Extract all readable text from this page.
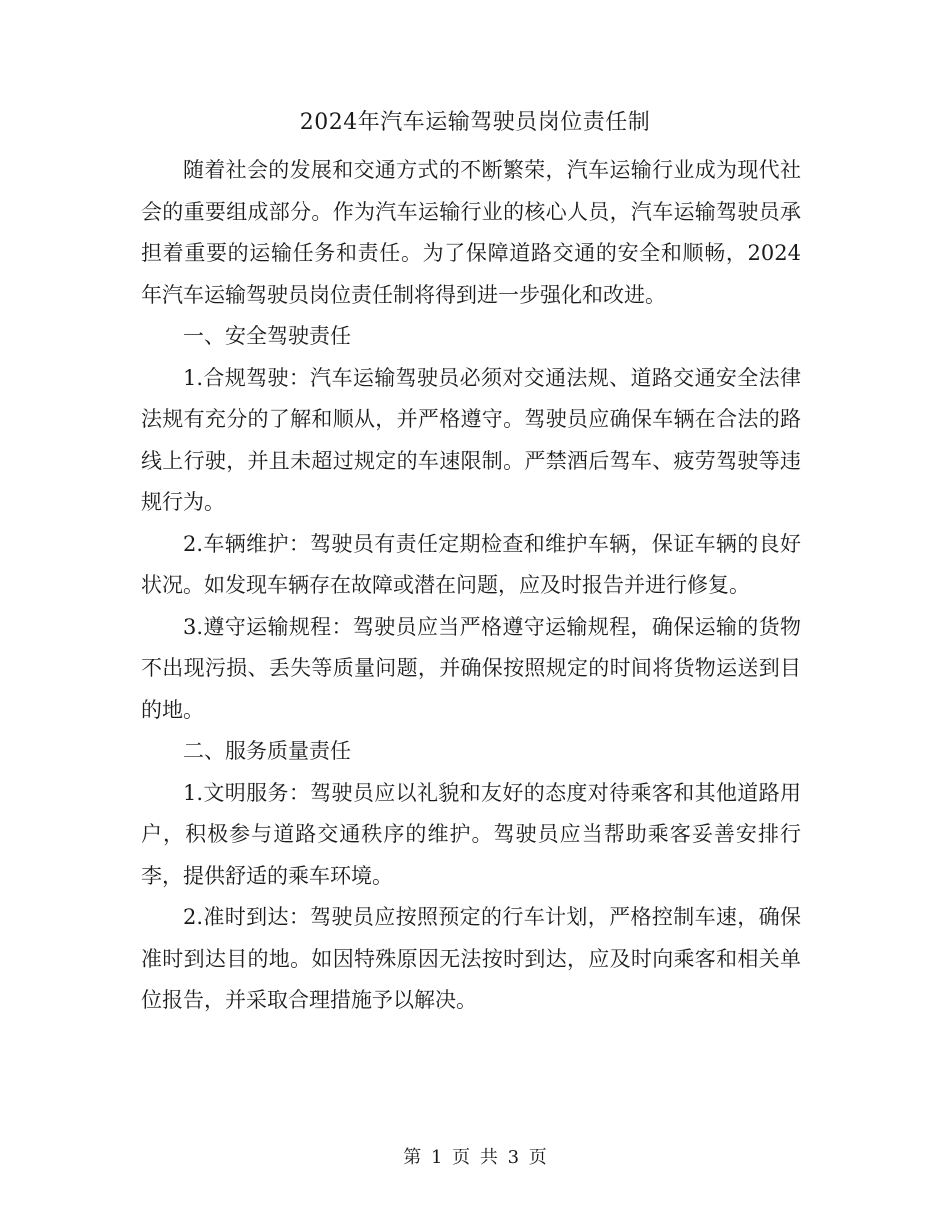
2024年汽车运输驾驶员岗位责任制

随着社会的发展和交通方式的不断繁荣，汽车运输行业成为现代社会的重要组成部分。作为汽车运输行业的核心人员，汽车运输驾驶员承担着重要的运输任务和责任。为了保障道路交通的安全和顺畅，2024年汽车运输驾驶员岗位责任制将得到进一步强化和改进。

一、安全驾驶责任

1.合规驾驶：汽车运输驾驶员必须对交通法规、道路交通安全法律法规有充分的了解和顺从，并严格遵守。驾驶员应确保车辆在合法的路线上行驶，并且未超过规定的车速限制。严禁酒后驾车、疲劳驾驶等违规行为。

2.车辆维护：驾驶员有责任定期检查和维护车辆，保证车辆的良好状况。如发现车辆存在故障或潜在问题，应及时报告并进行修复。

3.遵守运输规程：驾驶员应当严格遵守运输规程，确保运输的货物不出现污损、丢失等质量问题，并确保按照规定的时间将货物运送到目的地。

二、服务质量责任

1.文明服务：驾驶员应以礼貌和友好的态度对待乘客和其他道路用户，积极参与道路交通秩序的维护。驾驶员应当帮助乘客妥善安排行李，提供舒适的乘车环境。

2.准时到达：驾驶员应按照预定的行车计划，严格控制车速，确保准时到达目的地。如因特殊原因无法按时到达，应及时向乘客和相关单位报告，并采取合理措施予以解决。

第 1 页 共 3 页
